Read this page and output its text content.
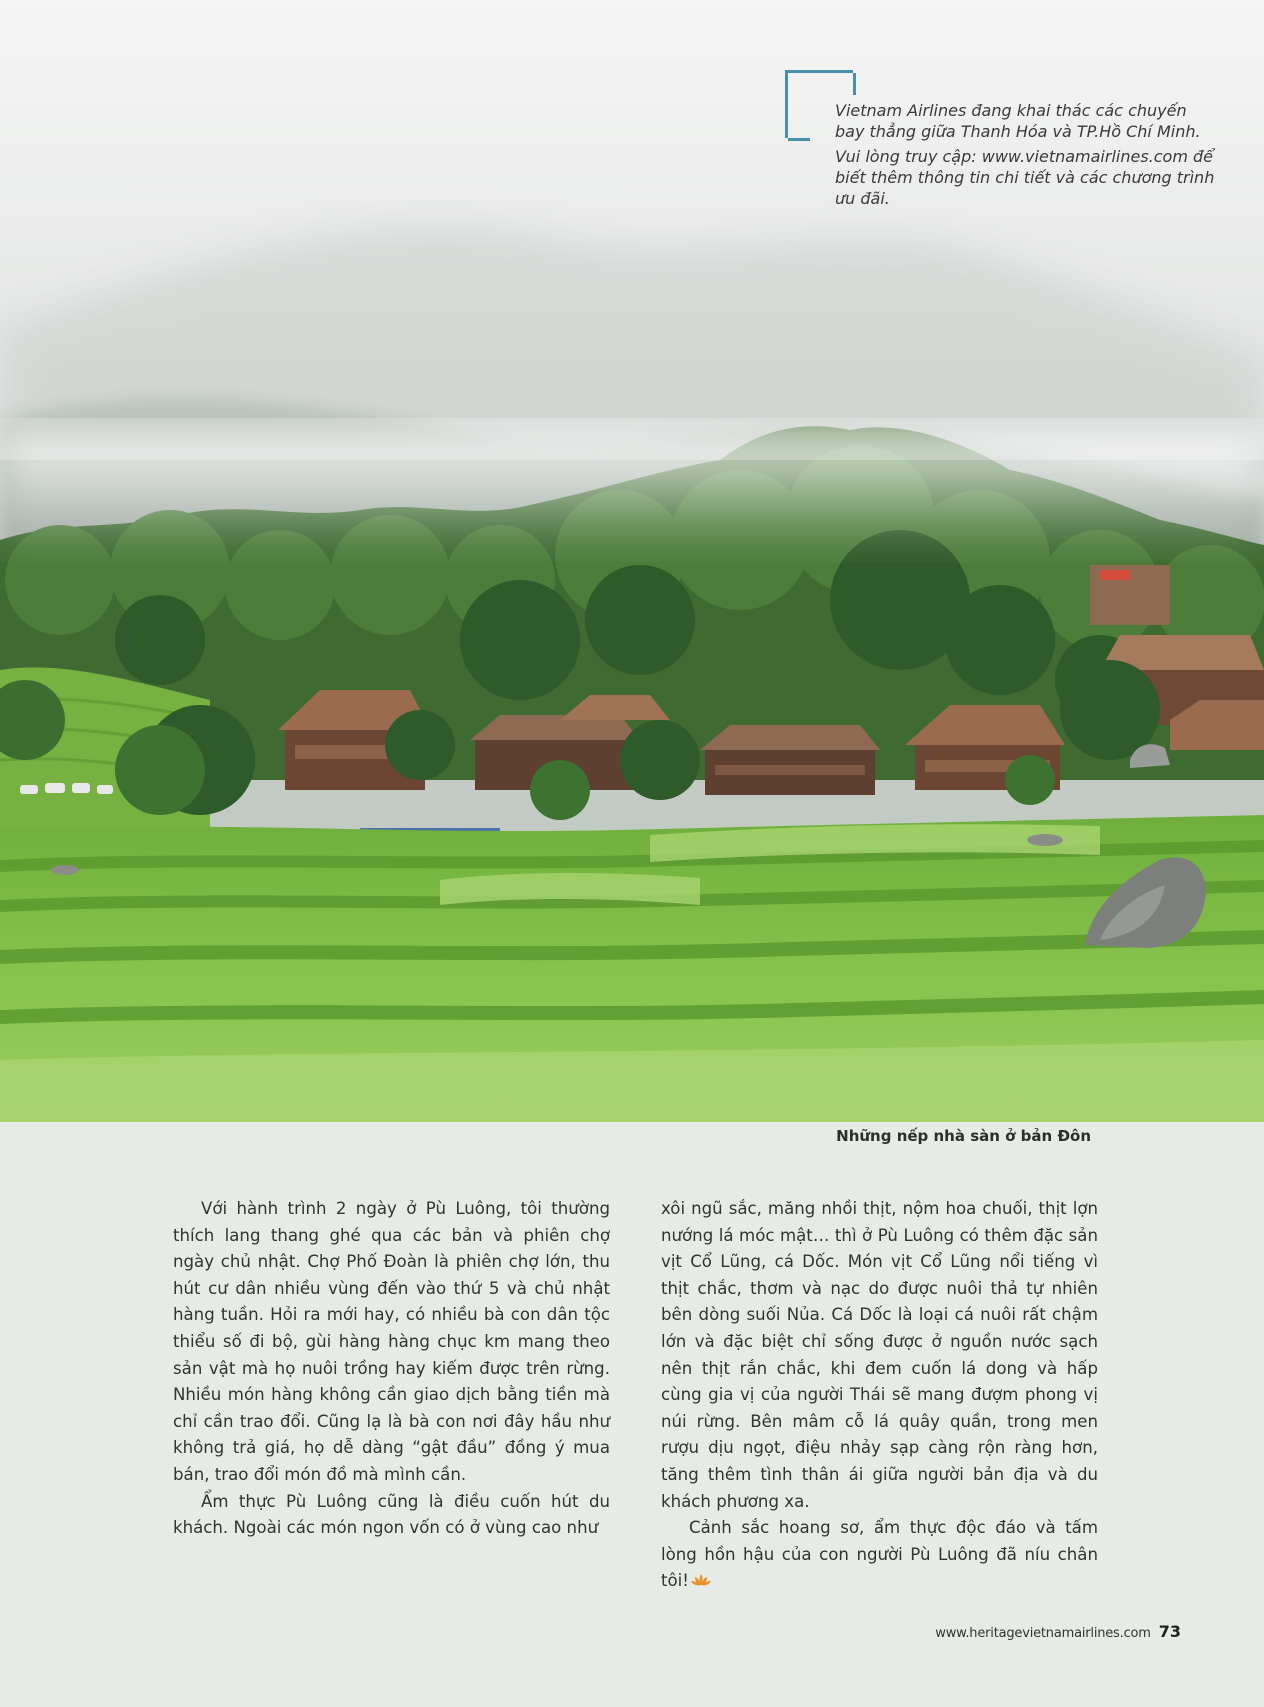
Vietnam Airlines đang khai thác các chuyến bay thẳng giữa Thanh Hóa và TP.Hồ Chí Minh.

Vui lòng truy cập: www.vietnamairlines.com để biết thêm thông tin chi tiết và các chương trình ưu đãi.

Những nếp nhà sàn ở bản Đôn

Với hành trình 2 ngày ở Pù Luông, tôi thường thích lang thang ghé qua các bản và phiên chợ ngày chủ nhật. Chợ Phố Đoàn là phiên chợ lớn, thu hút cư dân nhiều vùng đến vào thứ 5 và chủ nhật hàng tuần. Hỏi ra mới hay, có nhiều bà con dân tộc thiểu số đi bộ, gùi hàng hàng chục km mang theo sản vật mà họ nuôi trồng hay kiếm được trên rừng. Nhiều món hàng không cần giao dịch bằng tiền mà chỉ cần trao đổi. Cũng lạ là bà con nơi đây hầu như không trả giá, họ dễ dàng “gật đầu” đồng ý mua bán, trao đổi món đồ mà mình cần.

Ẩm thực Pù Luông cũng là điều cuốn hút du khách. Ngoài các món ngon vốn có ở vùng cao như

xôi ngũ sắc, măng nhồi thịt, nộm hoa chuối, thịt lợn nướng lá móc mật… thì ở Pù Luông có thêm đặc sản vịt Cổ Lũng, cá Dốc. Món vịt Cổ Lũng nổi tiếng vì thịt chắc, thơm và nạc do được nuôi thả tự nhiên bên dòng suối Nủa. Cá Dốc là loại cá nuôi rất chậm lớn và đặc biệt chỉ sống được ở nguồn nước sạch nên thịt rắn chắc, khi đem cuốn lá dong và hấp cùng gia vị của người Thái sẽ mang đượm phong vị núi rừng. Bên mâm cỗ lá quây quần, trong men rượu dịu ngọt, điệu nhảy sạp càng rộn ràng hơn, tăng thêm tình thân ái giữa người bản địa và du khách phương xa.

Cảnh sắc hoang sơ, ẩm thực độc đáo và tấm lòng hồn hậu của con người Pù Luông đã níu chân tôi!

www.heritagevietnamairlines.com 73
